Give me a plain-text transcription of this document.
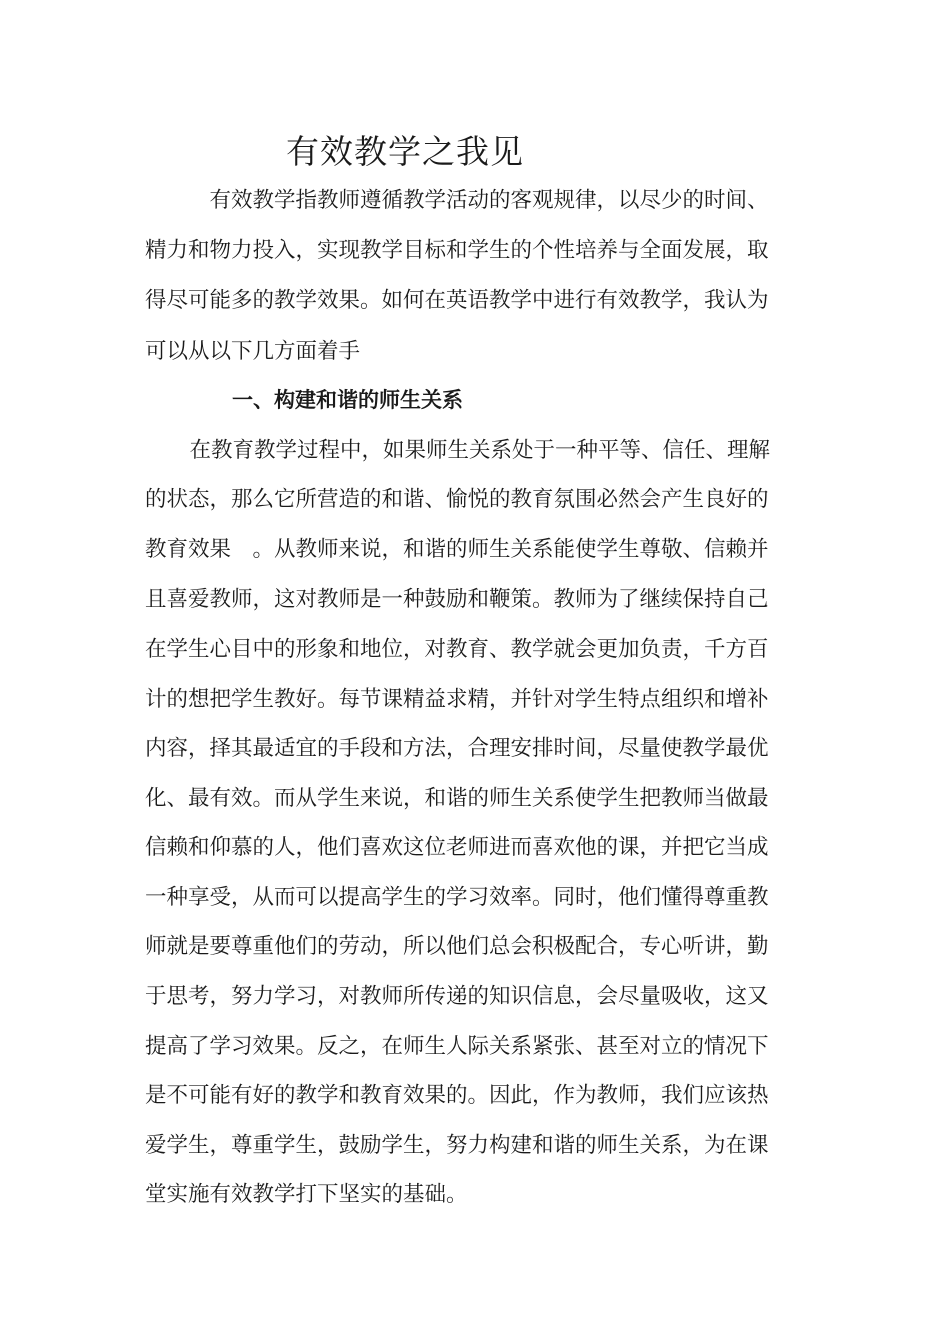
有效教学之我见
　有效教学指教师遵循教学活动的客观规律，以尽少的时间、
精力和物力投入，实现教学目标和学生的个性培养与全面发展，取
得尽可能多的教学效果。如何在英语教学中进行有效教学，我认为
可以从以下几方面着手
一、构建和谐的师生关系
　在教育教学过程中，如果师生关系处于一种平等、信任、理解
的状态，那么它所营造的和谐、愉悦的教育氛围必然会产生良好的
教育效果　。从教师来说，和谐的师生关系能使学生尊敬、信赖并
且喜爱教师，这对教师是一种鼓励和鞭策。教师为了继续保持自己
在学生心目中的形象和地位，对教育、教学就会更加负责，千方百
计的想把学生教好。每节课精益求精，并针对学生特点组织和增补
内容，择其最适宜的手段和方法，合理安排时间，尽量使教学最优
化、最有效。而从学生来说，和谐的师生关系使学生把教师当做最
信赖和仰慕的人，他们喜欢这位老师进而喜欢他的课，并把它当成
一种享受，从而可以提高学生的学习效率。同时，他们懂得尊重教
师就是要尊重他们的劳动，所以他们总会积极配合，专心听讲，勤
于思考，努力学习，对教师所传递的知识信息，会尽量吸收，这又
提高了学习效果。反之，在师生人际关系紧张、甚至对立的情况下
是不可能有好的教学和教育效果的。因此，作为教师，我们应该热
爱学生，尊重学生，鼓励学生，努力构建和谐的师生关系，为在课
堂实施有效教学打下坚实的基础。
